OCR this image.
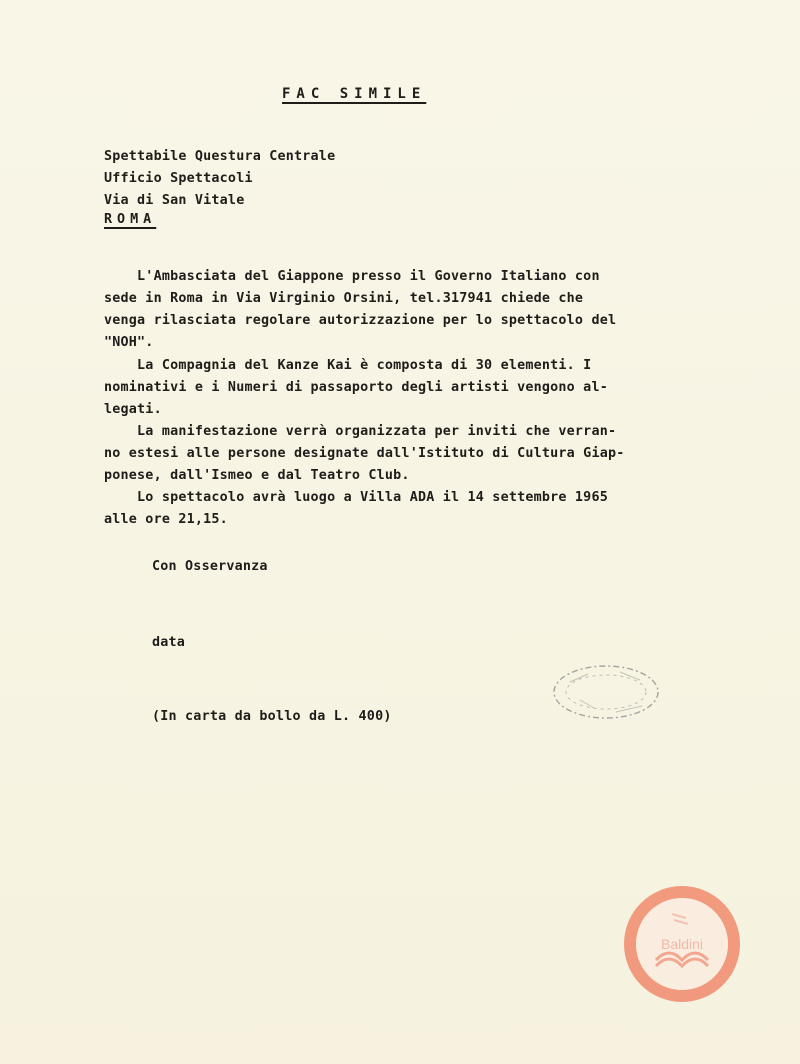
FAC SIMILE
Spettabile Questura Centrale
Ufficio Spettacoli
Via di San Vitale
ROMA
L'Ambasciata del Giappone presso il Governo Italiano con
sede in Roma in Via Virginio Orsini, tel.317941 chiede che
venga rilasciata regolare autorizzazione per lo spettacolo del
"NOH".
La Compagnia del Kanze Kai è composta di 30 elementi. I
nominativi e i Numeri di passaporto degli artisti vengono al-
legati.
La manifestazione verrà organizzata per inviti che verran-
no estesi alle persone designate dall'Istituto di Cultura Giap-
ponese, dall'Ismeo e dal Teatro Club.
Lo spettacolo avrà luogo a Villa ADA il 14 settembre 1965
alle ore 21,15.
Con Osservanza
data
(In carta da bollo da L. 400)
Baldini
